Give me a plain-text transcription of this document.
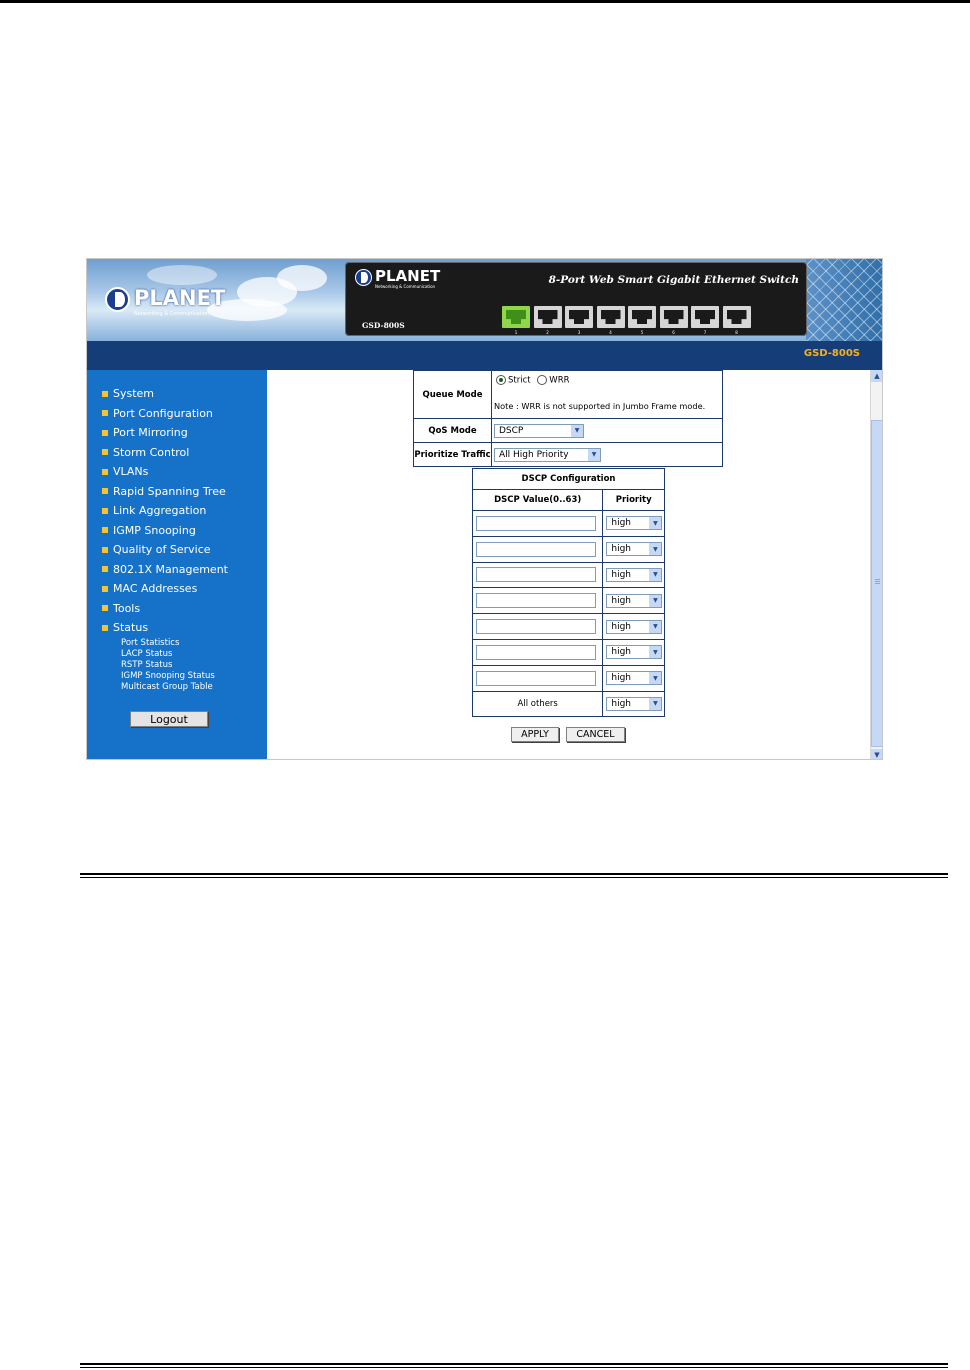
PLANET
Networking & Communication
PLANET
Networking & Communication
8-Port Web Smart Gigabit Ethernet Switch
GSD-800S
1	2	3	4	5	6	7	8
GSD-800S
System
Port Configuration
Port Mirroring
Storm Control
VLANs
Rapid Spanning Tree
Link Aggregation
IGMP Snooping
Quality of Service
802.1X Management
MAC Addresses
Tools
Status
Port Statistics
LACP Status
RSTP Status
IGMP Snooping Status
Multicast Group Table
Logout
Queue Mode	Strict WRR
Note : WRR is not supported in Jumbo Frame mode.

QoS Mode	DSCP ▼

Prioritize Traffic	All High Priority ▼
DSCP Configuration	
DSCP Value(0..63)	Priority

	high ▼

	high ▼

	high ▼

	high ▼

	high ▼

	high ▼

	high ▼

All others	high ▼
APPLY	CANCEL
▲
▼
